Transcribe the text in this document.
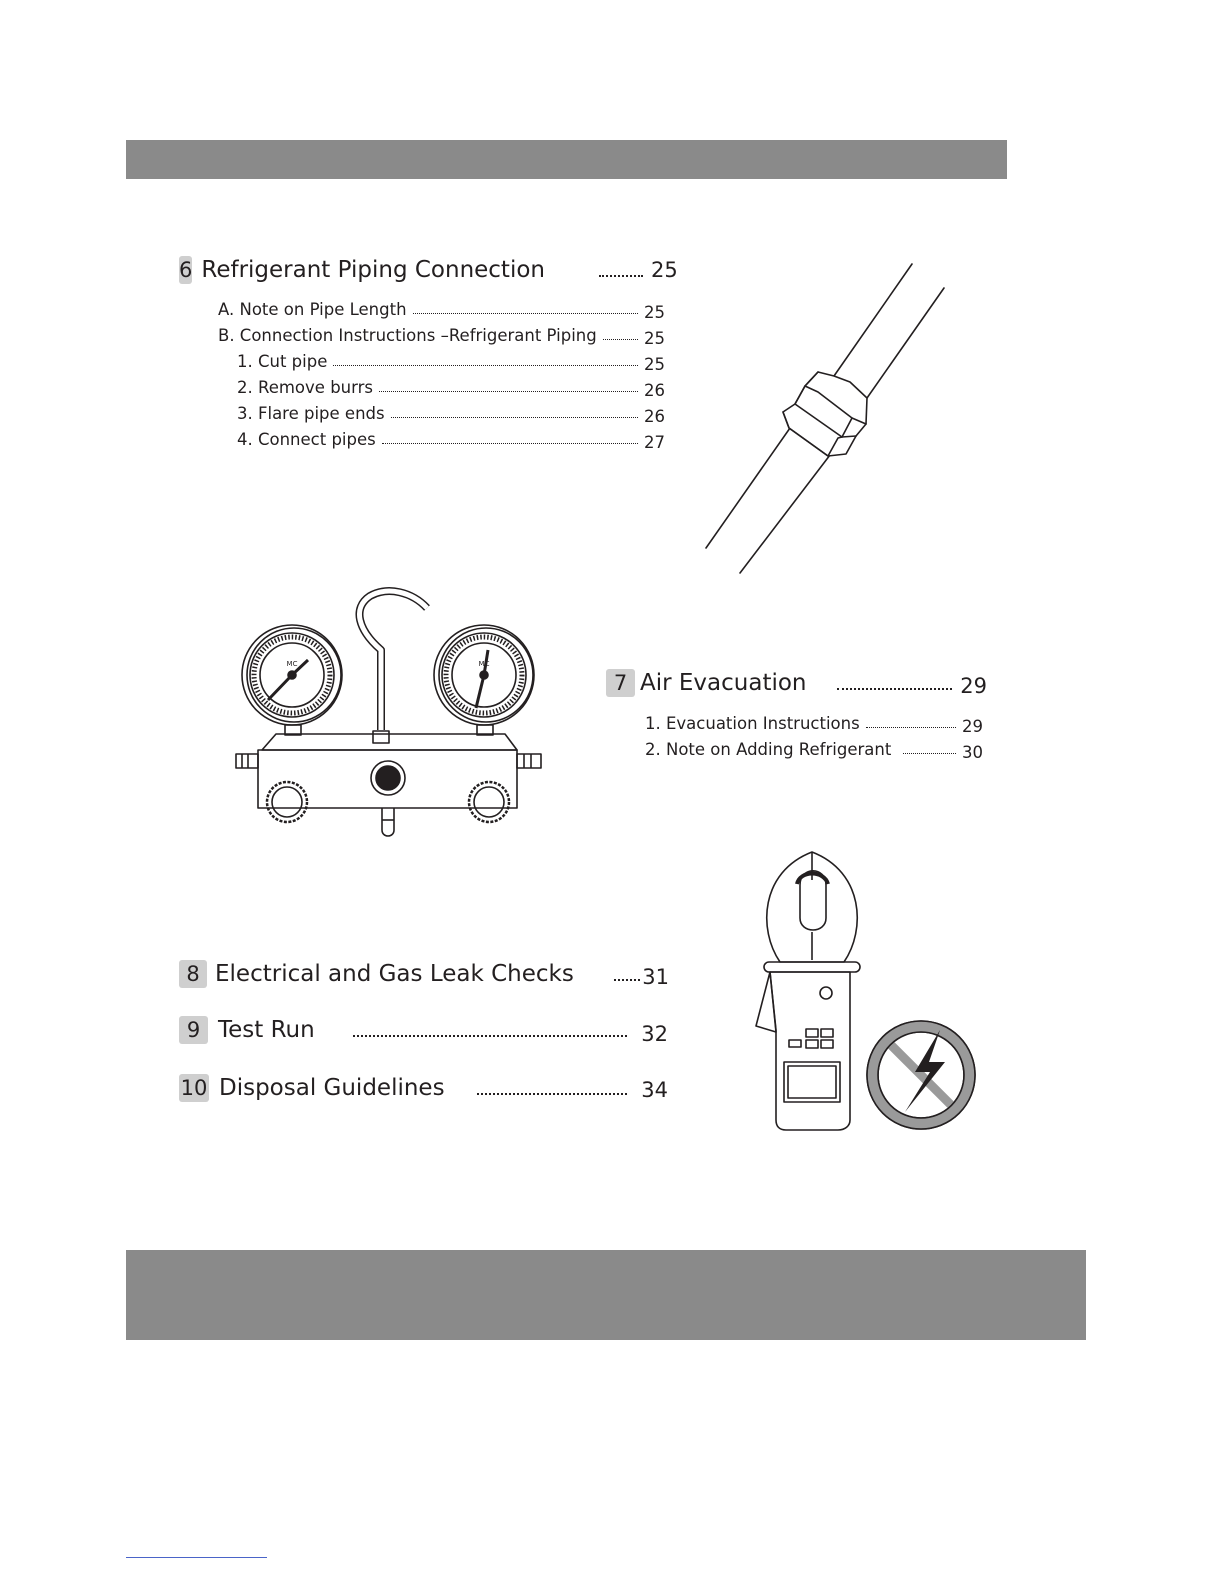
6 Refrigerant Piping Connection	25
A. Note on Pipe Length	25
B. Connection Instructions –Refrigerant Piping	25
1. Cut pipe	25
2. Remove burrs	26
3. Flare pipe ends	26
4. Connect pipes	27
7 Air Evacuation	29
1. Evacuation Instructions	29
2. Note on Adding Refrigerant	30
8 Electrical and Gas Leak Checks	31
9 Test Run	32
10 Disposal Guidelines	34
MC	MC
